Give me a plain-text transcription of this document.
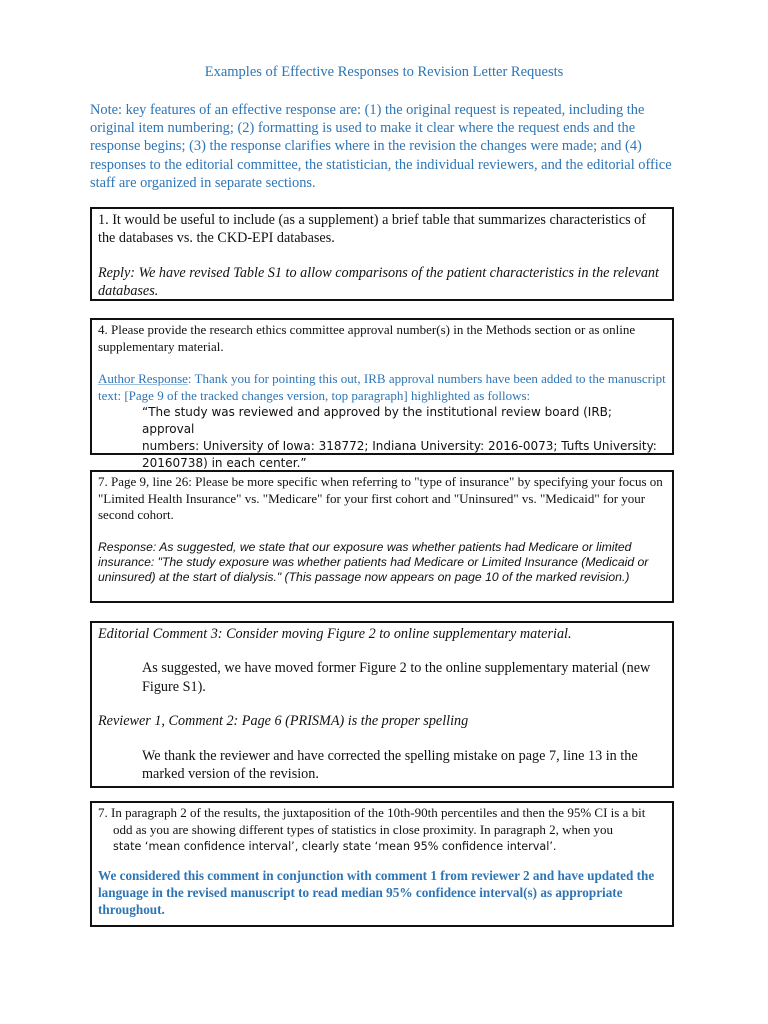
Examples of Effective Responses to Revision Letter Requests

Note: key features of an effective response are: (1) the original request is repeated, including the original item numbering; (2) formatting is used to make it clear where the request ends and the response begins; (3) the response clarifies where in the revision the changes were made; and (4) responses to the editorial committee, the statistician, the individual reviewers, and the editorial office staff are organized in separate sections.

1. It would be useful to include (as a supplement) a brief table that summarizes characteristics of the databases vs. the CKD-EPI databases.

Reply: We have revised Table S1 to allow comparisons of the patient characteristics in the relevant databases.

4. Please provide the research ethics committee approval number(s) in the Methods section or as online supplementary material.

Author Response: Thank you for pointing this out, IRB approval numbers have been added to the manuscript text: [Page 9 of the tracked changes version, top paragraph] highlighted as follows:

“The study was reviewed and approved by the institutional review board (IRB; approval

numbers: University of Iowa: 318772; Indiana University: 2016-0073; Tufts University:

20160738) in each center.”

7. Page 9, line 26: Please be more specific when referring to "type of insurance" by specifying your focus on "Limited Health Insurance" vs. "Medicare" for your first cohort and "Uninsured" vs. "Medicaid" for your second cohort.

Response: As suggested, we state that our exposure was whether patients had Medicare or limited insurance: "The study exposure was whether patients had Medicare or Limited Insurance (Medicaid or uninsured) at the start of dialysis." (This passage now appears on page 10 of the marked revision.)

Editorial Comment 3: Consider moving Figure 2 to online supplementary material.

As suggested, we have moved former Figure 2 to the online supplementary material (new Figure S1).

Reviewer 1, Comment 2: Page 6 (PRISMA) is the proper spelling

We thank the reviewer and have corrected the spelling mistake on page 7, line 13 in the marked version of the revision.

7. In paragraph 2 of the results, the juxtaposition of the 10th-90th percentiles and then the 95% CI is a bit odd as you are showing different types of statistics in close proximity. In paragraph 2, when you
state ‘mean confidence interval’, clearly state ‘mean 95% confidence interval’.

We considered this comment in conjunction with comment 1 from reviewer 2 and have updated the language in the revised manuscript to read median 95% confidence interval(s) as appropriate throughout.
